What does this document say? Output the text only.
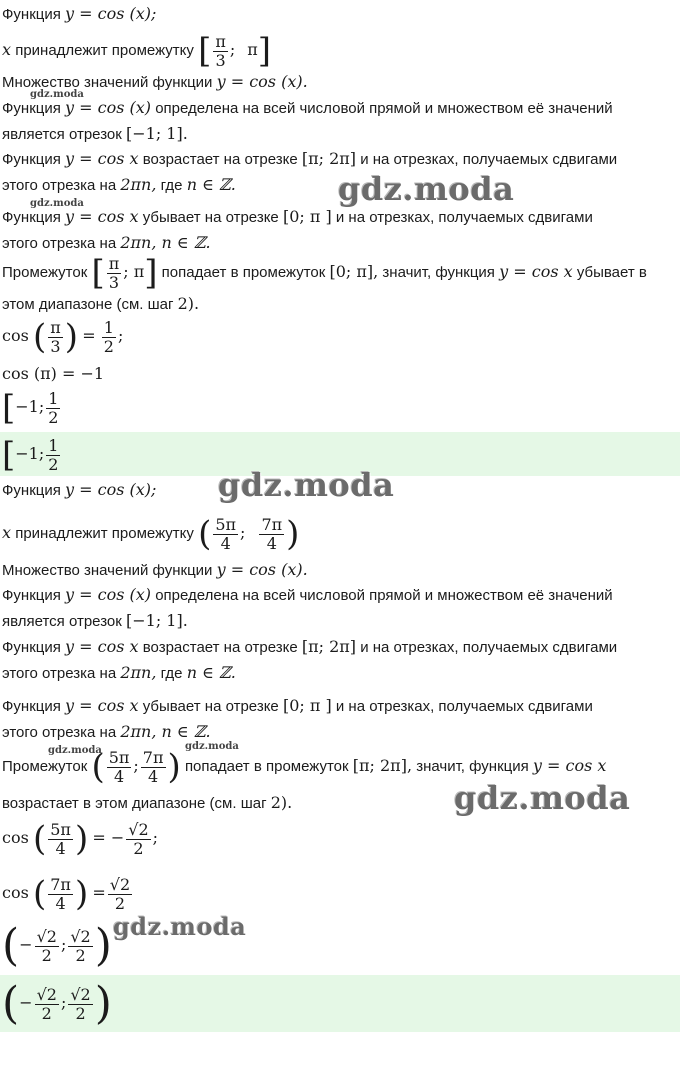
Функция y = cos (x);
x принадлежит промежутку [ $\frac{\pi}{3}$ ; π]
Множество значений функции y = cos (x).
Функция y = cos (x) определена на всей числовой прямой и множеством её значений
является отрезок [−1; 1].
Функция y = cos x возрастает на отрезке [π; 2π] и на отрезках, получаемых сдвигами
этого отрезка на 2πn, где n ∈ ℤ.
Функция y = cos x убывает на отрезке [0; π ] и на отрезках, получаемых сдвигами
этого отрезка на 2πn, n ∈ ℤ.
Промежуток [ $\frac{\pi}{3}$ ; π] попадает в промежуток [0; π], значит, функция y = cos x убывает в
этом диапазоне (см. шаг 2).
cos ( $\frac{\pi}{3}$ ) = $\frac{1}{2}$ ;
cos (π) = −1
[−1; $\frac{1}{2}$
[−1; $\frac{1}{2}$
Функция y = cos (x);
x принадлежит промежутку ( $\frac{5\pi}{4}$ ; $\frac{7\pi}{4}$ )
Множество значений функции y = cos (x).
Функция y = cos (x) определена на всей числовой прямой и множеством её значений
является отрезок [−1; 1].
Функция y = cos x возрастает на отрезке [π; 2π] и на отрезках, получаемых сдвигами
этого отрезка на 2πn, где n ∈ ℤ.
Функция y = cos x убывает на отрезке [0; π ] и на отрезках, получаемых сдвигами
этого отрезка на 2πn, n ∈ ℤ.
Промежуток ( $\frac{5\pi}{4}$ ; $\frac{7\pi}{4}$ ) попадает в промежуток [π; 2π], значит, функция y = cos x
возрастает в этом диапазоне (см. шаг 2).
cos ( $\frac{5\pi}{4}$ ) = − $\frac{√2}{2}$ ;
cos ( $\frac{7\pi}{4}$ ) = $\frac{√2}{2}$
(− $\frac{√2}{2}$ ; $\frac{√2}{2}$ )
(− $\frac{√2}{2}$ ; $\frac{√2}{2}$ )
gdz.moda
gdz.moda
gdz.moda	gdz.moda
gdz.moda
gdz.moda
gdz.moda
gdz.moda
